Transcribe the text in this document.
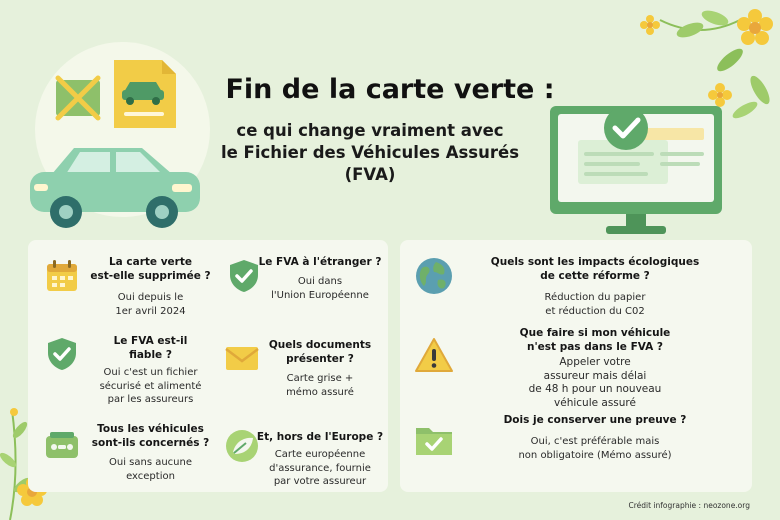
Fin de la carte verte :
ce qui change vraiment avec
le Fichier des Véhicules Assurés
(FVA)
La carte verte
est-elle supprimée ?
Oui depuis le
1er avril 2024
Le FVA est-il
fiable ?
Oui c'est un fichier
sécurisé et alimenté
par les assureurs
Tous les véhicules
sont-ils concernés ?
Oui sans aucune
exception
Le FVA à l'étranger ?
Oui dans
l'Union Européenne
Quels documents
présenter ?
Carte grise +
mémo assuré
Et, hors de l'Europe ?
Carte européenne
d'assurance, fournie
par votre assureur
Quels sont les impacts écologiques
de cette réforme ?
Réduction du papier
et réduction du C02
Que faire si mon véhicule
n'est pas dans le FVA ?
Appeler votre
assureur mais délai
de 48 h pour un nouveau
véhicule assuré
Dois je conserver une preuve ?
Oui, c'est préférable mais
non obligatoire (Mémo assuré)
Crédit infographie : neozone.org
